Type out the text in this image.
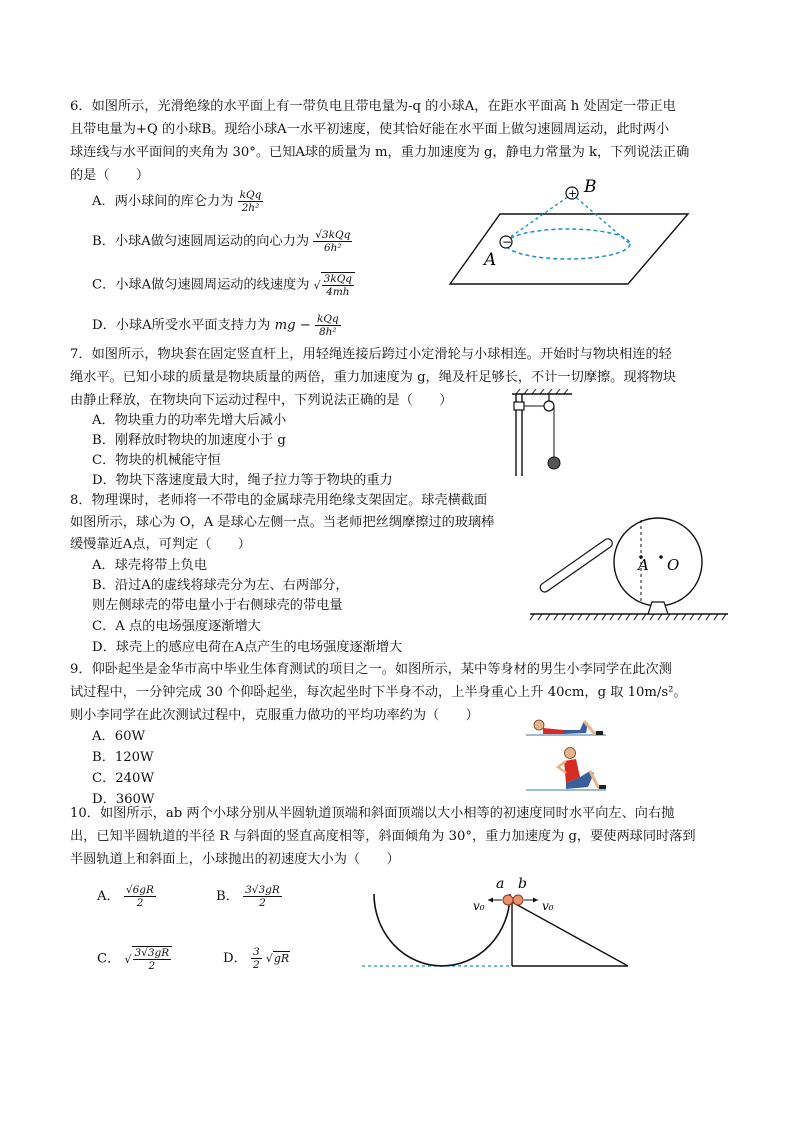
6．如图所示，光滑绝缘的水平面上有一带负电且带电量为-q 的小球A，在距水平面高 h 处固定一带正电
且带电量为+Q 的小球B。现给小球A一水平初速度，使其恰好能在水平面上做匀速圆周运动，此时两小
球连线与水平面间的夹角为 30°。已知A球的质量为 m，重力加速度为 g，静电力常量为 k，下列说法正确
的是（　　）
A．两小球间的库仑力为 $\frac{\text{kQq}}{\text{2h²}}$
B．小球A做匀速圆周运动的向心力为 $\frac{\text{√3kQq}}{\text{6h²}}$
C．小球A做匀速圆周运动的线速度为 √ $\frac{\text{3kQq}}{4mh}$
D．小球A所受水平面支持力为 mg − $\frac{\text{kQq}}{\text{8h²}}$
+
−
B
A
7．如图所示，物块套在固定竖直杆上，用轻绳连接后跨过小定滑轮与小球相连。开始时与物块相连的轻
绳水平。已知小球的质量是物块质量的两倍，重力加速度为 g，绳及杆足够长，不计一切摩擦。现将物块
由静止释放，在物块向下运动过程中，下列说法正确的是（　　）
A．物块重力的功率先增大后减小
B．刚释放时物块的加速度小于 g
C．物块的机械能守恒
D．物块下落速度最大时，绳子拉力等于物块的重力
8．物理课时，老师将一不带电的金属球壳用绝缘支架固定。球壳横截面
如图所示，球心为 O，A 是球心左侧一点。当老师把丝绸摩擦过的玻璃棒
缓慢靠近A点，可判定（　　）
A．球壳将带上负电
B．沿过A的虚线将球壳分为左、右两部分，
则左侧球壳的带电量小于右侧球壳的带电量
C．A 点的电场强度逐渐增大
D．球壳上的感应电荷在A点产生的电场强度逐渐增大
A O
9．仰卧起坐是金华市高中毕业生体育测试的项目之一。如图所示，某中等身材的男生小李同学在此次测
试过程中，一分钟完成 30 个仰卧起坐，每次起坐时下半身不动，上半身重心上升 40cm，g 取 10m/s²。
则小李同学在此次测试过程中，克服重力做功的平均功率约为（　　）
A．60W
B．120W
C．240W
D．360W
10．如图所示，ab 两个小球分别从半圆轨道顶端和斜面顶端以大小相等的初速度同时水平向左、向右抛
出，已知半圆轨道的半径 R 与斜面的竖直高度相等，斜面倾角为 30°，重力加速度为 g，要使两球同时落到
半圆轨道上和斜面上，小球抛出的初速度大小为（　　）
A． $\frac{√6gR}{2}$	B． $\frac{3√3gR}{2}$
C． √ $\frac{3√3gR}{2}$	D． $\frac{3}{2} √gR$
a b
v₀	v₀
